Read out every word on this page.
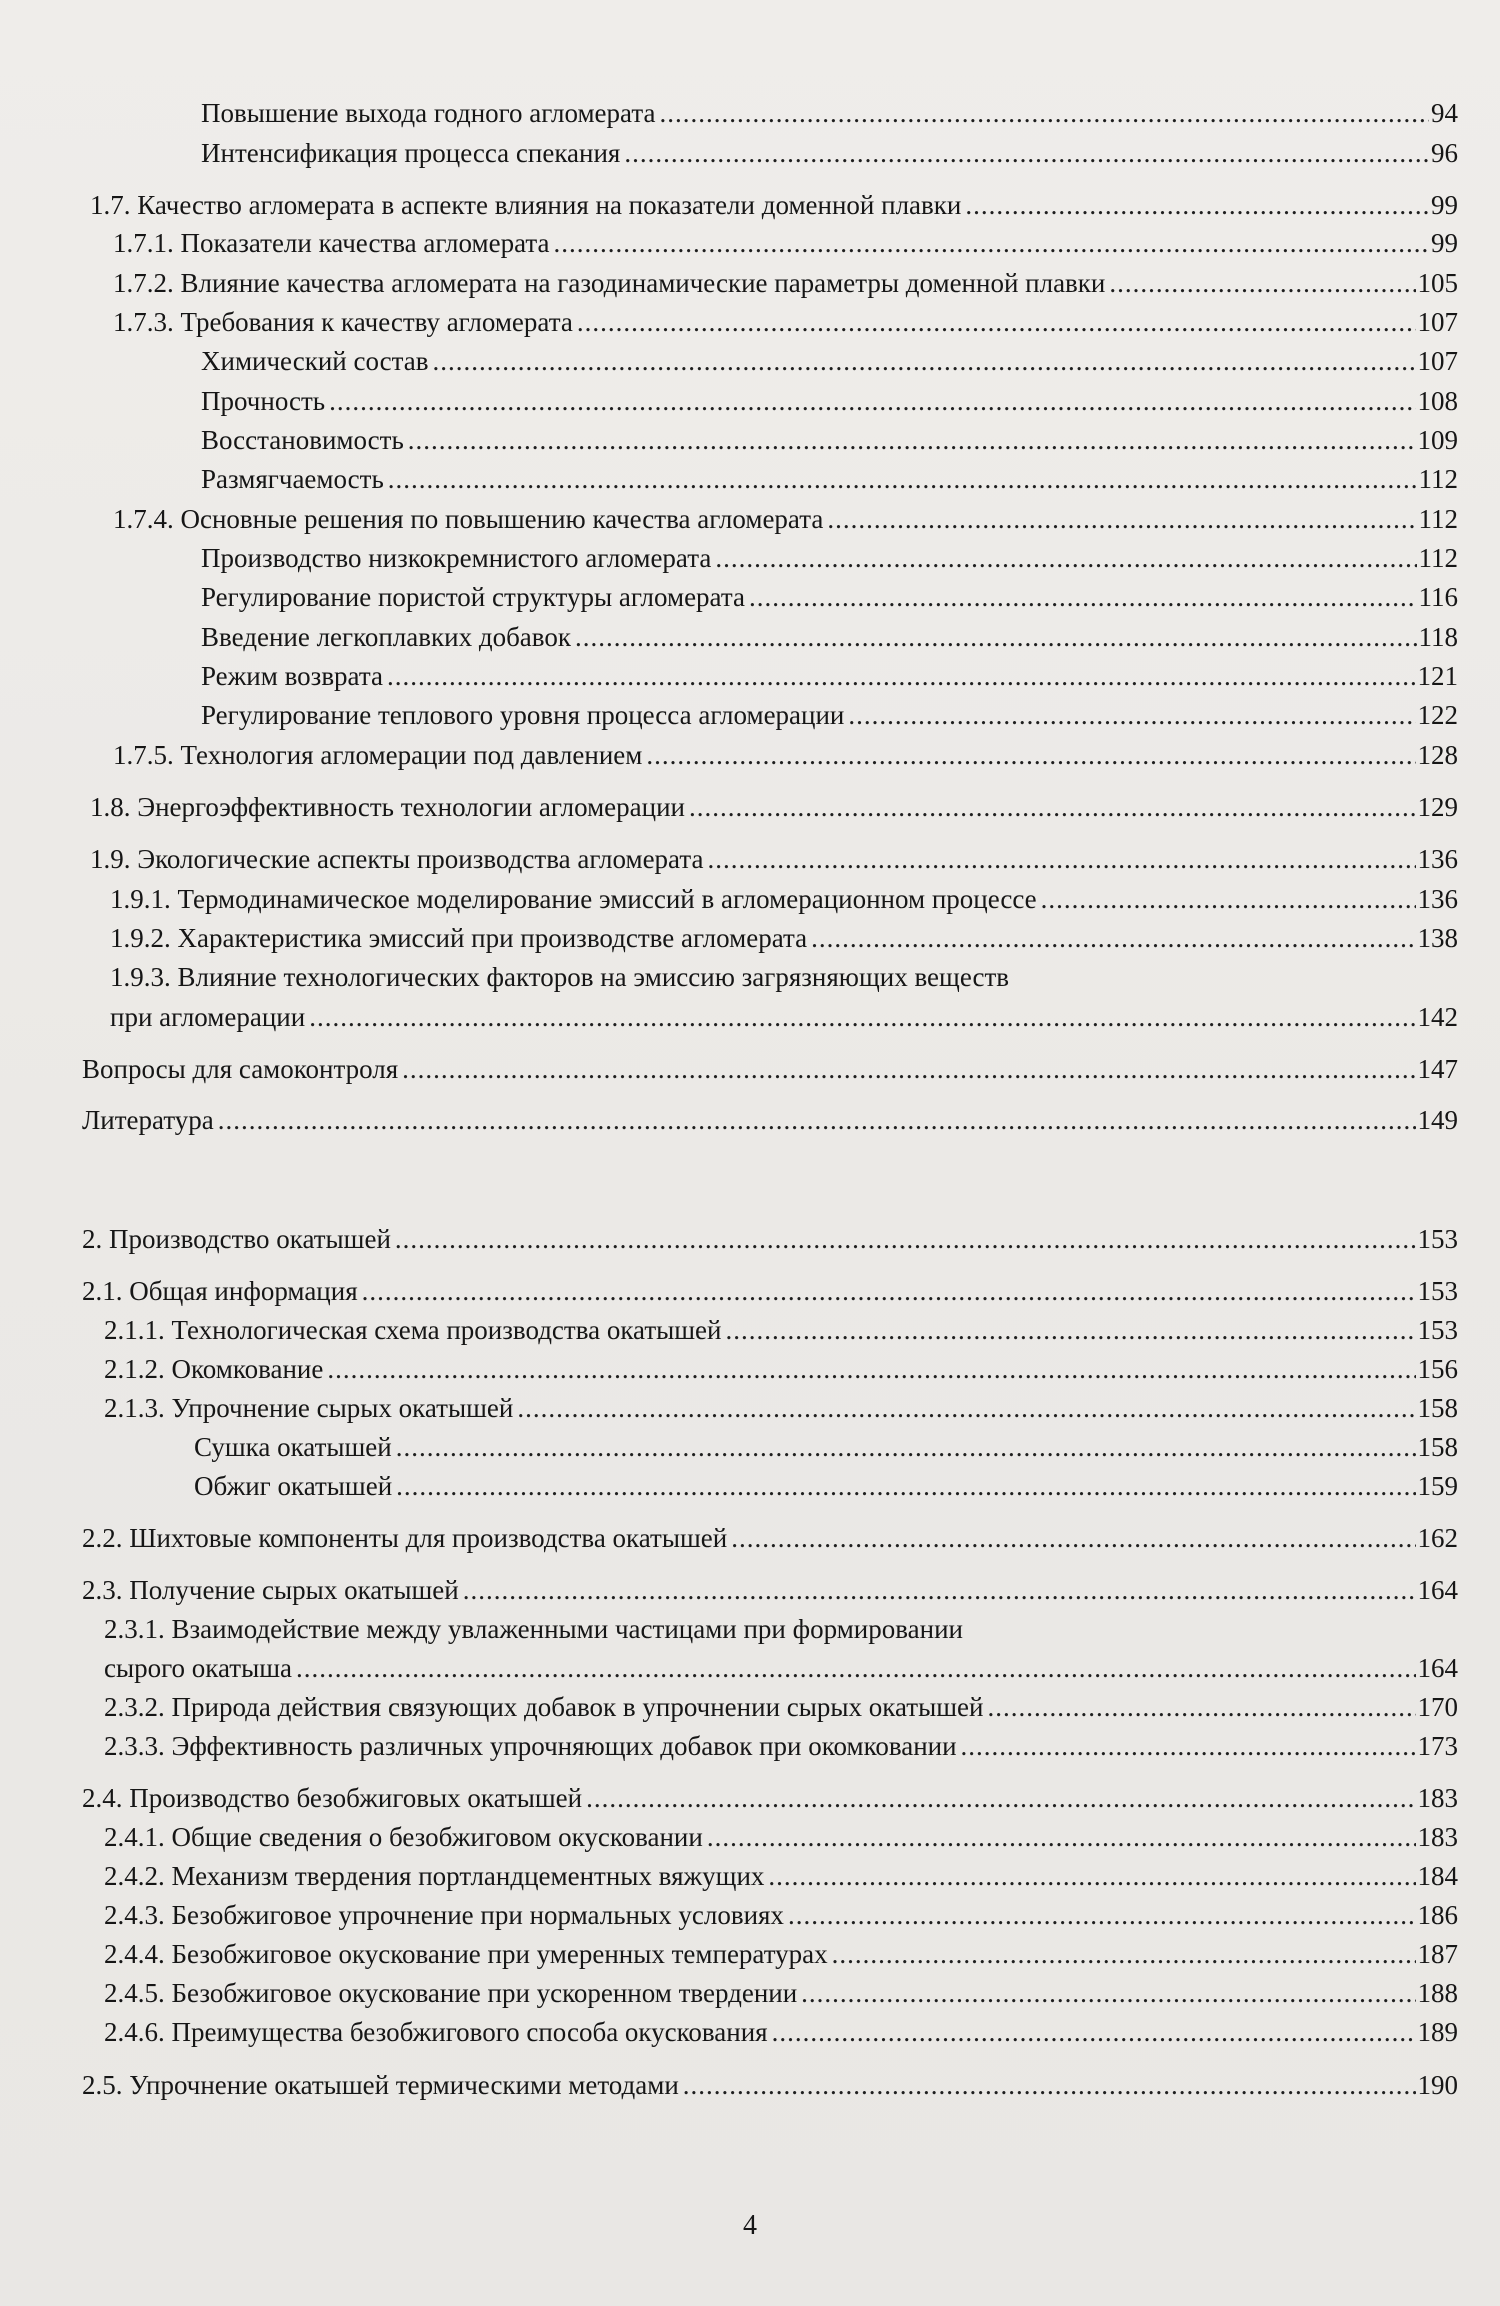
Повышение выхода годного агломерата .....	94
Интенсификация процесса спекания .....	96
1.7. Качество агломерата в аспекте влияния на показатели доменной плавки .....	99
1.7.1. Показатели качества агломерата .....	99
1.7.2. Влияние качества агломерата на газодинамические параметры доменной плавки .....	105
1.7.3. Требования к качеству агломерата .....	107
Химический состав .....	107
Прочность .....	108
Восстановимость .....	109
Размягчаемость .....	112
1.7.4. Основные решения по повышению качества агломерата .....	112
Производство низкокремнистого агломерата .....	112
Регулирование пористой структуры агломерата .....	116
Введение легкоплавких добавок .....	118
Режим возврата .....	121
Регулирование теплового уровня процесса агломерации .....	122
1.7.5. Технология агломерации под давлением .....	128
1.8. Энергоэффективность технологии агломерации .....	129
1.9. Экологические аспекты производства агломерата .....	136
1.9.1. Термодинамическое моделирование эмиссий в агломерационном процессе .....	136
1.9.2. Характеристика эмиссий при производстве агломерата .....	138
1.9.3. Влияние технологических факторов на эмиссию загрязняющих веществ
при агломерации .....	142
Вопросы для самоконтроля .....	147
Литература .....	149
2. Производство окатышей .....	153
2.1. Общая информация .....	153
2.1.1. Технологическая схема производства окатышей .....	153
2.1.2. Окомкование .....	156
2.1.3. Упрочнение сырых окатышей .....	158
Сушка окатышей .....	158
Обжиг окатышей .....	159
2.2. Шихтовые компоненты для производства окатышей .....	162
2.3. Получение сырых окатышей .....	164
2.3.1. Взаимодействие между увлаженными частицами при формировании
сырого окатыша .....	164
2.3.2. Природа действия связующих добавок в упрочнении сырых окатышей .....	170
2.3.3. Эффективность различных упрочняющих добавок при окомковании .....	173
2.4. Производство безобжиговых окатышей .....	183
2.4.1. Общие сведения о безобжиговом окусковании .....	183
2.4.2. Механизм твердения портландцементных вяжущих .....	184
2.4.3. Безобжиговое упрочнение при нормальных условиях .....	186
2.4.4. Безобжиговое окускование при умеренных температурах .....	187
2.4.5. Безобжиговое окускование при ускоренном твердении .....	188
2.4.6. Преимущества безобжигового способа окускования .....	189
2.5. Упрочнение окатышей термическими методами .....	190
4
